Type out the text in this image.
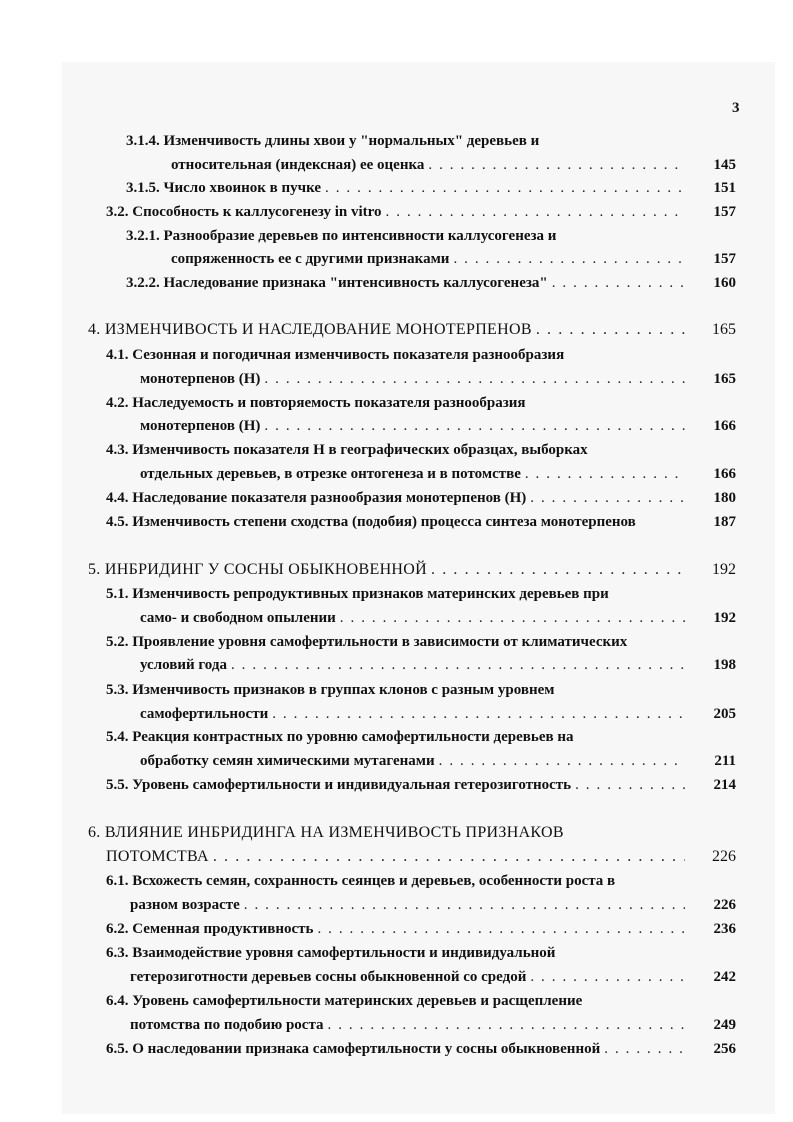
3
3.1.4. Изменчивость длины хвои у "нормальных" деревьев и
относительная (индексная) ее оценка . . .	145
3.1.5. Число хвоинок в пучке . . .	151
3.2. Способность к каллусогенезу in vitro . . .	157
3.2.1. Разнообразие деревьев по интенсивности каллусогенеза и
сопряженность ее с другими признаками . . .	157
3.2.2. Наследование признака "интенсивность каллусогенеза" . . .	160
4. ИЗМЕНЧИВОСТЬ И НАСЛЕДОВАНИЕ МОНОТЕРПЕНОВ . . .	165
4.1. Сезонная и погодичная изменчивость показателя разнообразия
монотерпенов (Н) . . .	165
4.2. Наследуемость и повторяемость показателя разнообразия
монотерпенов (Н) . . .	166
4.3. Изменчивость показателя Н в географических образцах, выборках
отдельных деревьев, в отрезке онтогенеза и в потомстве . . .	166
4.4. Наследование показателя разнообразия монотерпенов (Н) . . .	180
4.5. Изменчивость степени сходства (подобия) процесса синтеза монотерпенов	187
5. ИНБРИДИНГ У СОСНЫ ОБЫКНОВЕННОЙ . . .	192
5.1. Изменчивость репродуктивных признаков материнских деревьев при
само- и свободном опылении . . .	192
5.2. Проявление уровня самофертильности в зависимости от климатических
условий года . . .	198
5.3. Изменчивость признаков в группах клонов с разным уровнем
самофертильности . . .	205
5.4. Реакция контрастных по уровню самофертильности деревьев на
обработку семян химическими мутагенами . . .	211
5.5. Уровень самофертильности и индивидуальная гетерозиготность . . .	214
6. ВЛИЯНИЕ ИНБРИДИНГА НА ИЗМЕНЧИВОСТЬ ПРИЗНАКОВ
ПОТОМСТВА . . .	226
6.1. Всхожесть семян, сохранность сеянцев и деревьев, особенности роста в
разном возрасте . . .	226
6.2. Семенная продуктивность . . .	236
6.3. Взаимодействие уровня самофертильности и индивидуальной
гетерозиготности деревьев сосны обыкновенной со средой . . .	242
6.4. Уровень самофертильности материнских деревьев и расщепление
потомства по подобию роста . . .	249
6.5. О наследовании признака самофертильности у сосны обыкновенной . . .	256
